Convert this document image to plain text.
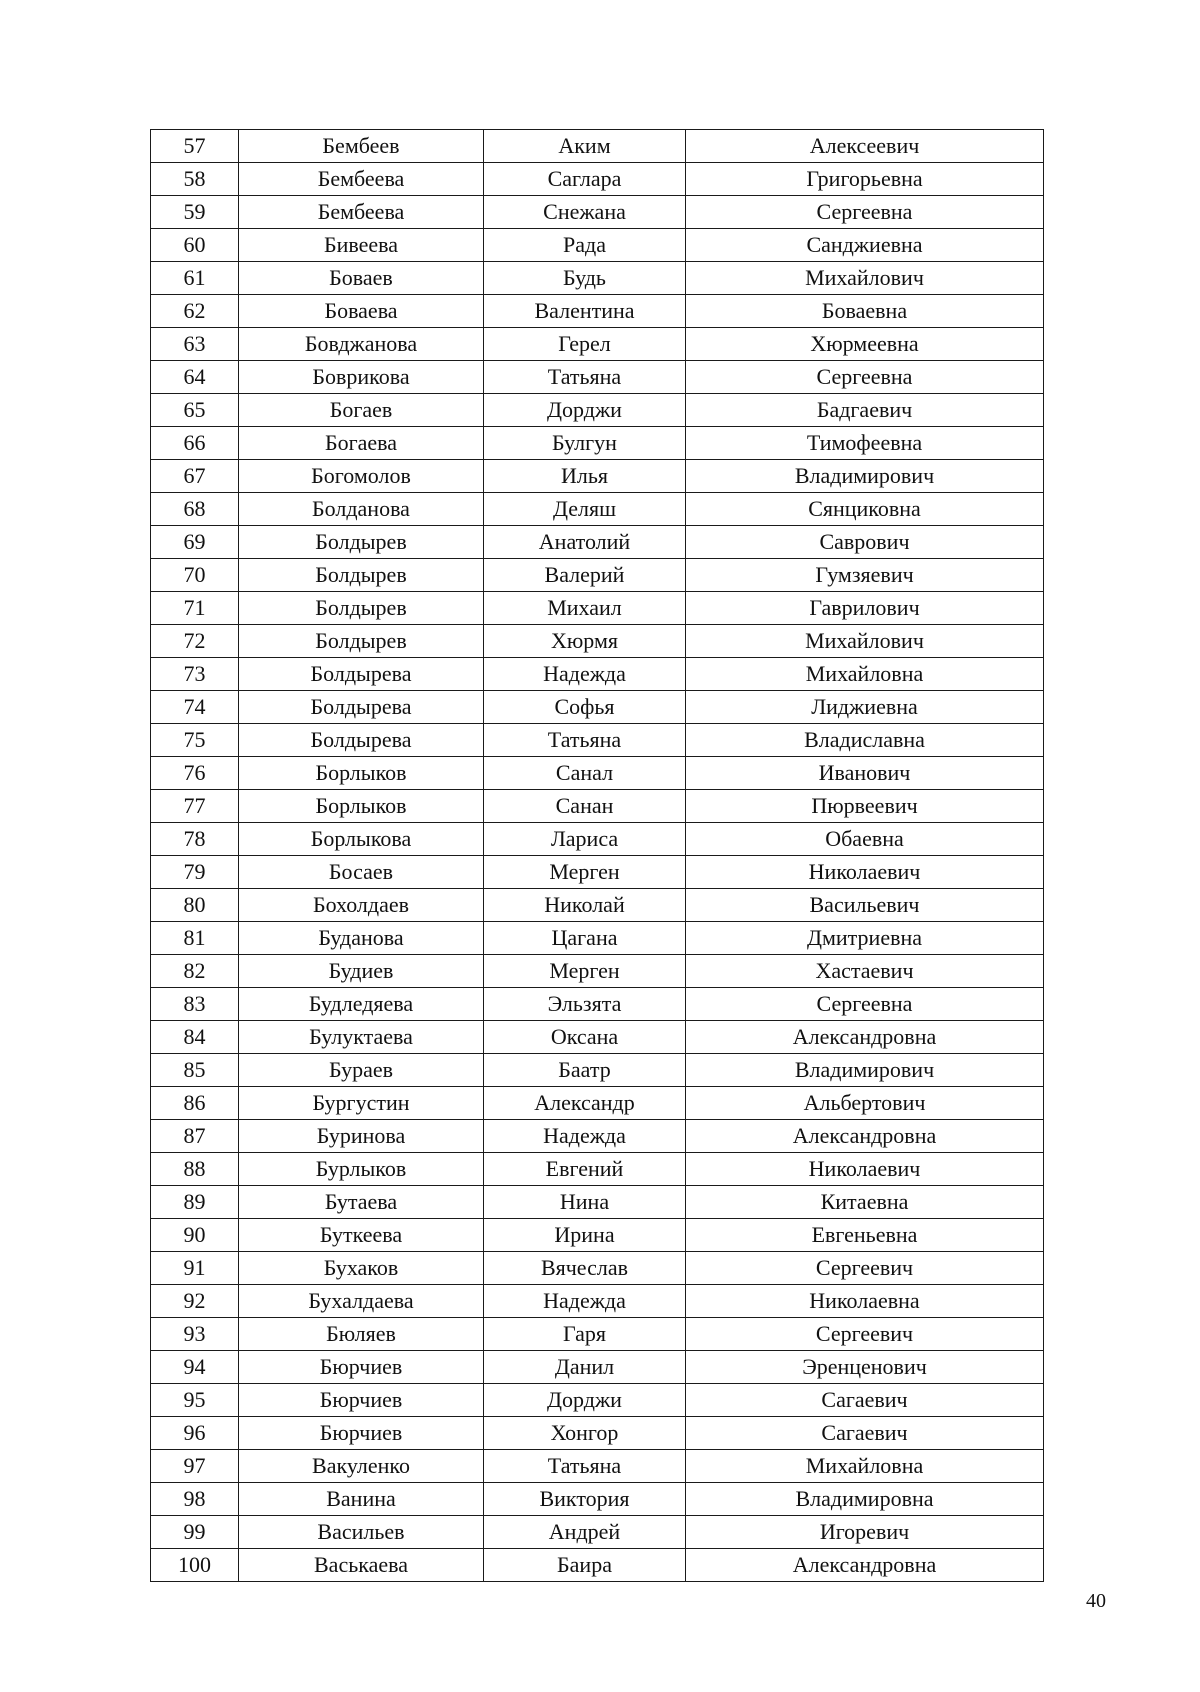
57	Бембеев	Аким	Алексеевич
58	Бембеева	Саглара	Григорьевна
59	Бембеева	Снежана	Сергеевна
60	Бивеева	Рада	Санджиевна
61	Боваев	Будь	Михайлович
62	Боваева	Валентина	Боваевна
63	Бовджанова	Герел	Хюрмеевна
64	Боврикова	Татьяна	Сергеевна
65	Богаев	Дорджи	Бадгаевич
66	Богаева	Булгун	Тимофеевна
67	Богомолов	Илья	Владимирович
68	Болданова	Деляш	Сянциковна
69	Болдырев	Анатолий	Саврович
70	Болдырев	Валерий	Гумзяевич
71	Болдырев	Михаил	Гаврилович
72	Болдырев	Хюрмя	Михайлович
73	Болдырева	Надежда	Михайловна
74	Болдырева	Софья	Лиджиевна
75	Болдырева	Татьяна	Владиславна
76	Борлыков	Санал	Иванович
77	Борлыков	Санан	Пюрвеевич
78	Борлыкова	Лариса	Обаевна
79	Босаев	Мерген	Николаевич
80	Бохолдаев	Николай	Васильевич
81	Буданова	Цагана	Дмитриевна
82	Будиев	Мерген	Хастаевич
83	Будледяева	Эльзята	Сергеевна
84	Булуктаева	Оксана	Александровна
85	Бураев	Баатр	Владимирович
86	Бургустин	Александр	Альбертович
87	Буринова	Надежда	Александровна
88	Бурлыков	Евгений	Николаевич
89	Бутаева	Нина	Китаевна
90	Буткеева	Ирина	Евгеньевна
91	Бухаков	Вячеслав	Сергеевич
92	Бухалдаева	Надежда	Николаевна
93	Бюляев	Гаря	Сергеевич
94	Бюрчиев	Данил	Эренценович
95	Бюрчиев	Дорджи	Сагаевич
96	Бюрчиев	Хонгор	Сагаевич
97	Вакуленко	Татьяна	Михайловна
98	Ванина	Виктория	Владимировна
99	Васильев	Андрей	Игоревич
100	Васькаева	Баира	Александровна
40
